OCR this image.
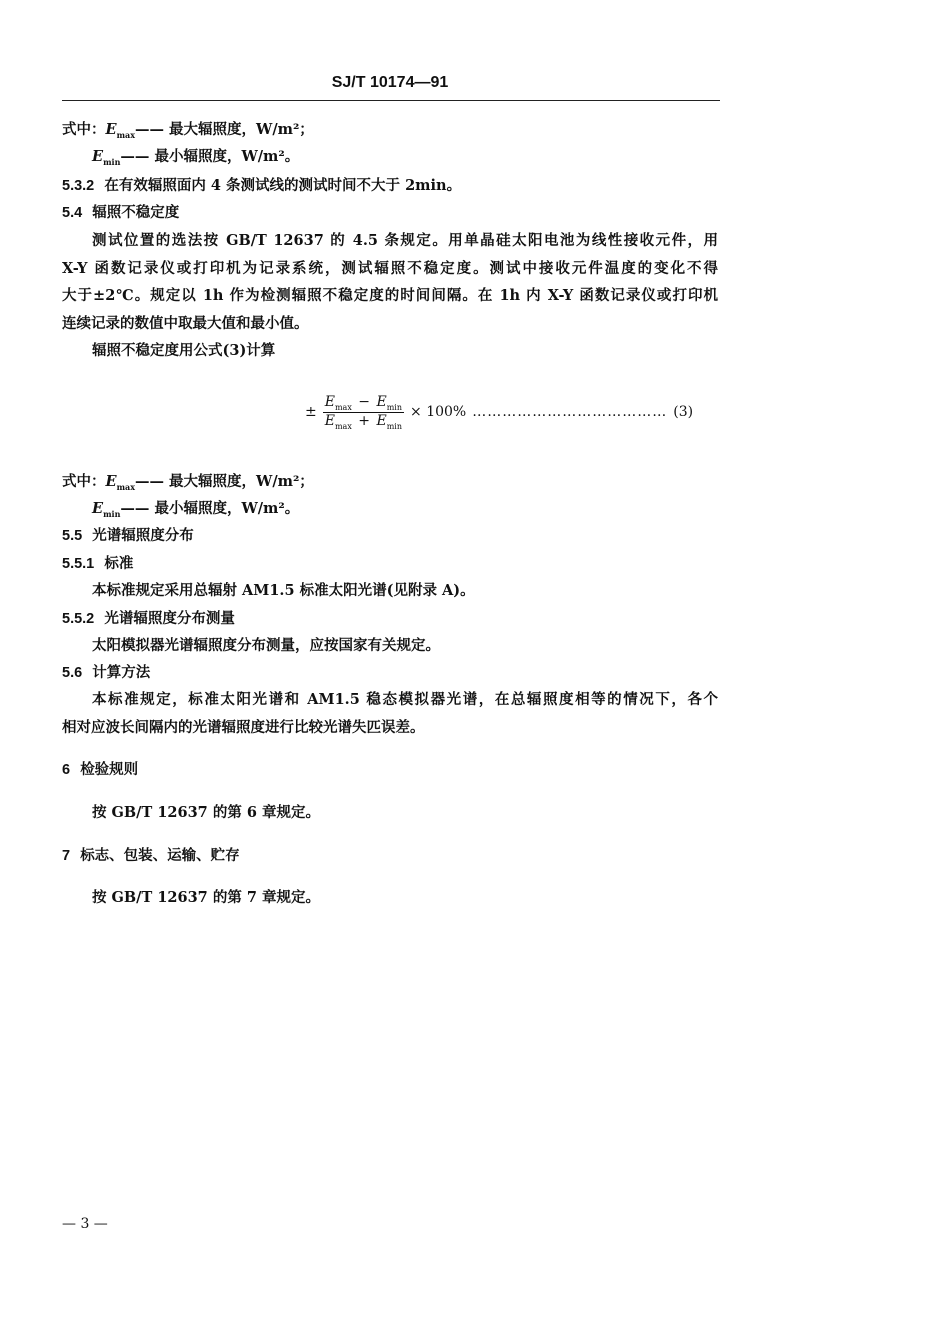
SJ/T 10174—91
式中：$E_{max}——$ 最大辐照度，W/m²；
$E_{min}——$ 最小辐照度，W/m²。
5.3.2 在有效辐照面内 4 条测试线的测试时间不大于 2min。
5.4 辐照不稳定度
测试位置的选法按 GB/T 12637 的 4.5 条规定。用单晶硅太阳电池为线性接收元件，用
X-Y 函数记录仪或打印机为记录系统，测试辐照不稳定度。测试中接收元件温度的变化不得
大于±2℃。规定以 1h 作为检测辐照不稳定度的时间间隔。在 1h 内 X-Y 函数记录仪或打印机
连续记录的数值中取最大值和最小值。
辐照不稳定度用公式(3)计算
± $\frac{E_{max} - E_{min}}{E_{max} + E_{min}} \times 100\%$ ………………………………… (3)
式中：$E_{max}——$ 最大辐照度，W/m²；
$E_{min}——$ 最小辐照度，W/m²。
5.5 光谱辐照度分布
5.5.1 标准
本标准规定采用总辐射 AM1.5 标准太阳光谱(见附录 A)。
5.5.2 光谱辐照度分布测量
太阳模拟器光谱辐照度分布测量，应按国家有关规定。
5.6 计算方法
本标准规定，标准太阳光谱和 AM1.5 稳态模拟器光谱，在总辐照度相等的情况下，各个
相对应波长间隔内的光谱辐照度进行比较光谱失匹误差。
6 检验规则
按 GB/T 12637 的第 6 章规定。
7 标志、包装、运输、贮存
按 GB/T 12637 的第 7 章规定。
— 3 —
